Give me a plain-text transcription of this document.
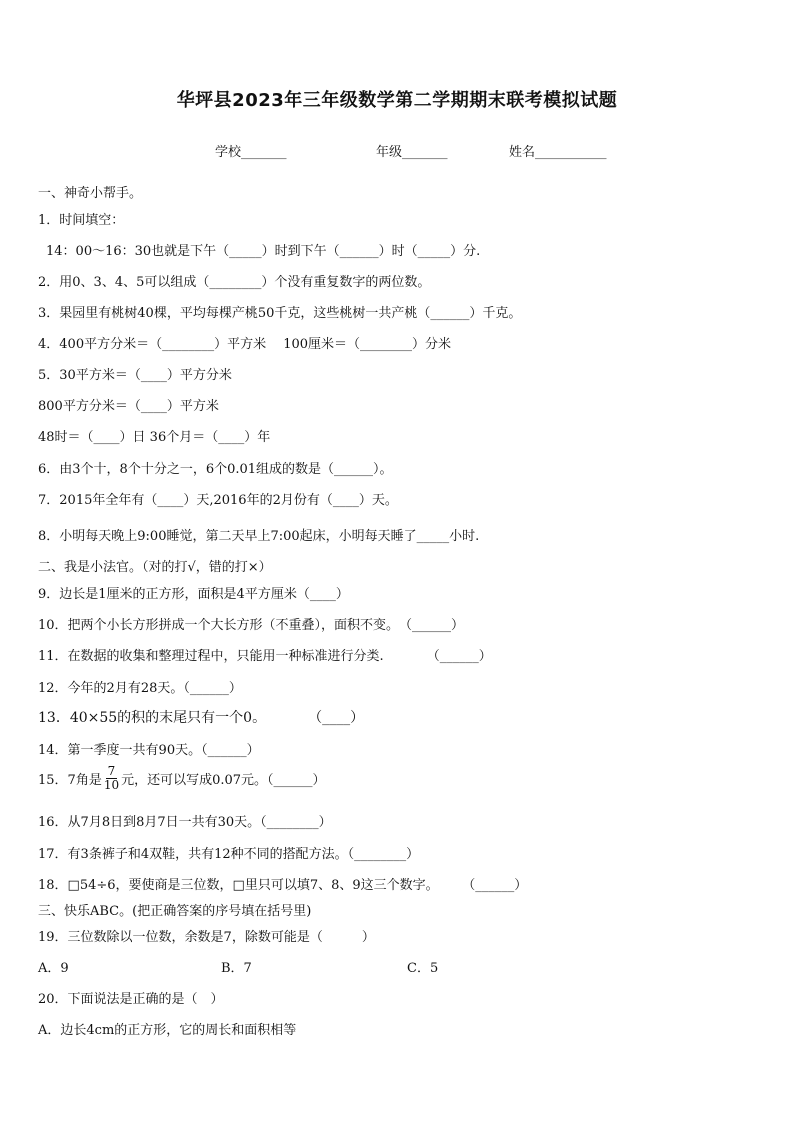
华坪县2023年三年级数学第二学期期末联考模拟试题
学校_______	年级_______	姓名___________
一、神奇小帮手。
1．时间填空：
14：00～16：30也就是下午（_____）时到下午（______）时（_____）分.
2．用0、3、4、5可以组成（________）个没有重复数字的两位数。
3．果园里有桃树40棵，平均每棵产桃50千克，这些桃树一共产桃（______）千克。
4．400平方分米＝（________）平方米　 100厘米＝（________）分米
5．30平方米＝（____）平方分米
800平方分米＝（____）平方米
48时＝（____）日 36个月＝（____）年
6．由3个十，8个十分之一，6个0.01组成的数是（______）。
7．2015年全年有（____）天,2016年的2月份有（____）天。
8．小明每天晚上9:00睡觉，第二天早上7:00起床，小明每天睡了_____小时.
二、我是小法官。（对的打√，错的打×）
9．边长是1厘米的正方形，面积是4平方厘米（____）
10．把两个小长方形拼成一个大长方形（不重叠），面积不变。　（______）
11．在数据的收集和整理过程中，只能用一种标准进行分类.　　　 （______）
12．今年的2月有28天。（______）
13．40×55的积的末尾只有一个0。　　　　（____）
14．第一季度一共有90天。（______）
15．7角是 $\frac{7}{10}$ 元，还可以写成0.07元。（______）
16．从7月8日到8月7日一共有30天。（________）
17．有3条裤子和4双鞋，共有12种不同的搭配方法。（________）
18．□54÷6，要使商是三位数，□里只可以填7、8、9这三个数字。　　 （______）
三、快乐ABC。(把正确答案的序号填在括号里)
19．三位数除以一位数，余数是7，除数可能是（　　　）
A．9	B．7	C．5
20．下面说法是正确的是（　）
A．边长4cm的正方形，它的周长和面积相等
